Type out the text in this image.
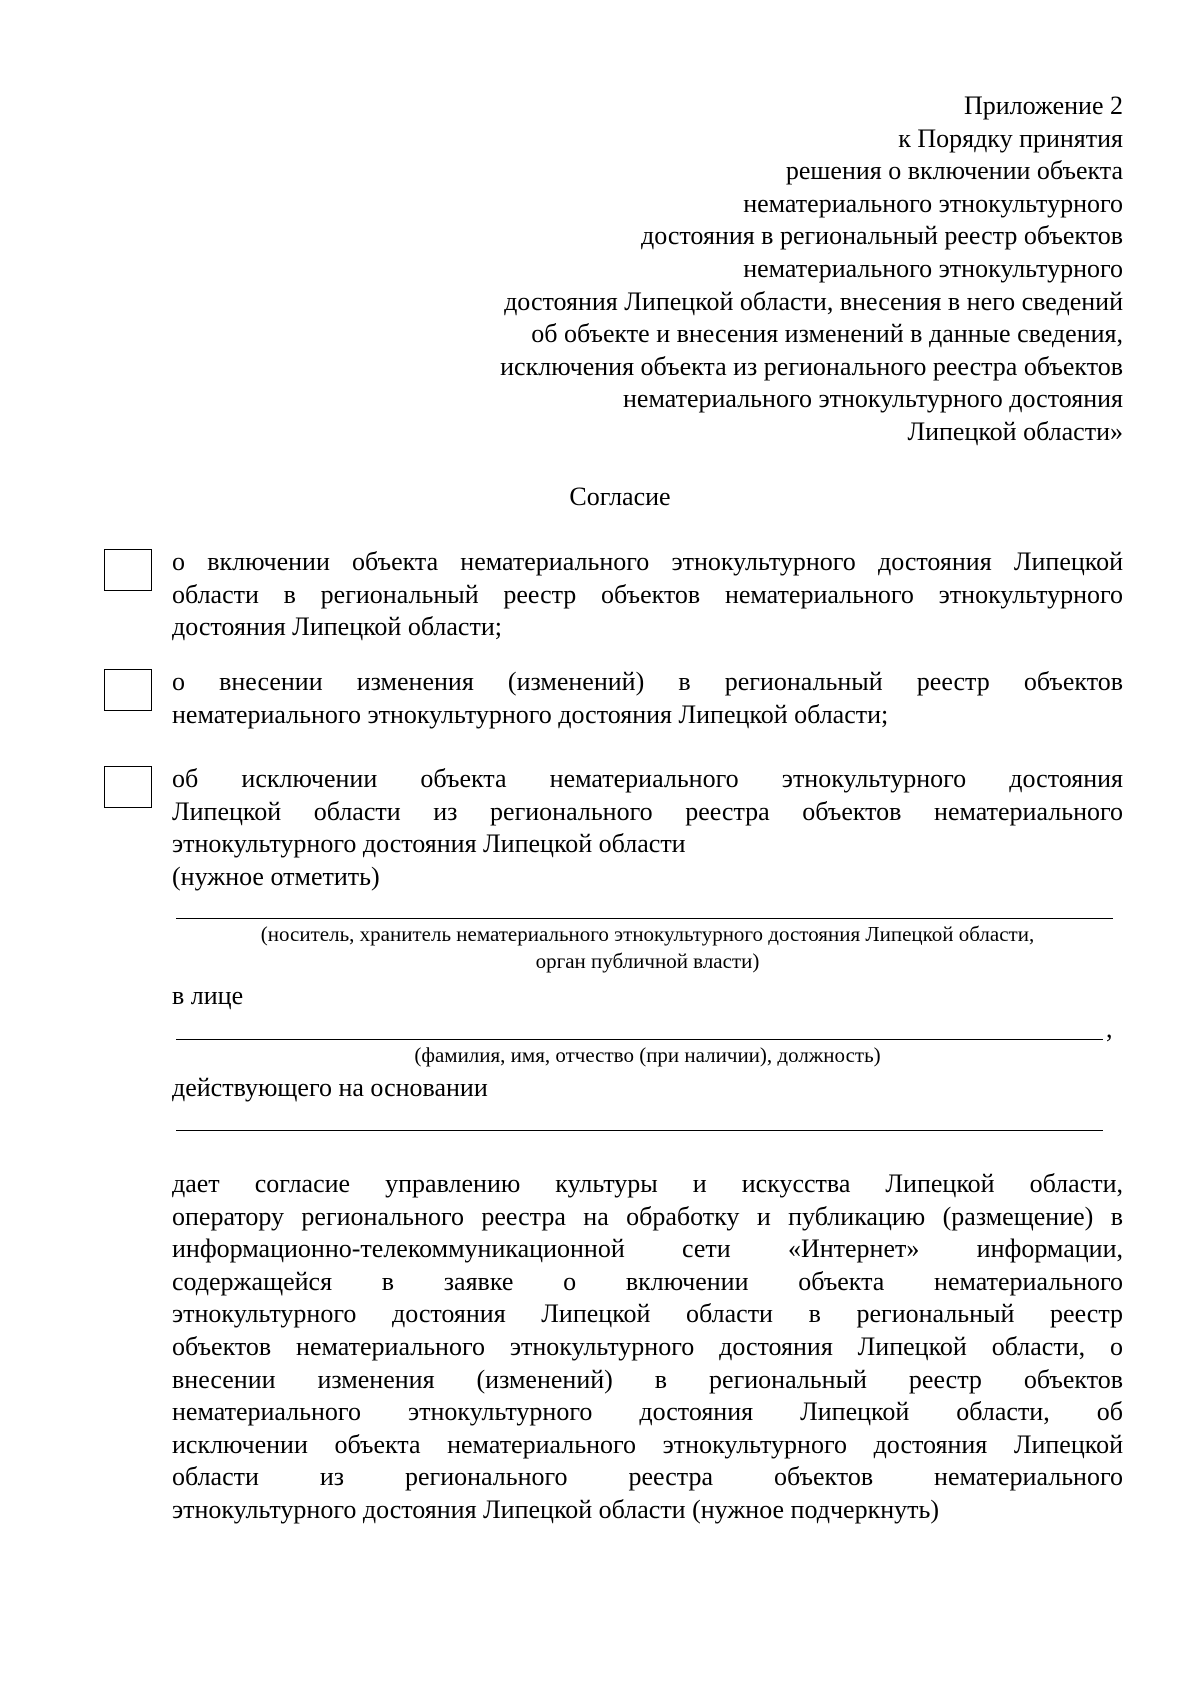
Приложение 2
к Порядку принятия
решения о включении объекта
нематериального этнокультурного
достояния в региональный реестр объектов
нематериального этнокультурного
достояния Липецкой области, внесения в него сведений
об объекте и внесения изменений в данные сведения,
исключения объекта из регионального реестра объектов
нематериального этнокультурного достояния
Липецкой области»
Согласие
о включении объекта нематериального этнокультурного достояния Липецкой
области в региональный реестр объектов нематериального этнокультурного
достояния Липецкой области;
о внесении изменения (изменений) в региональный реестр объектов
нематериального этнокультурного достояния Липецкой области;
об исключении объекта нематериального этнокультурного достояния
Липецкой области из регионального реестра объектов нематериального
этнокультурного достояния Липецкой области
(нужное отметить)
(носитель, хранитель нематериального этнокультурного достояния Липецкой области,
орган публичной власти)
в лице
,
(фамилия, имя, отчество (при наличии), должность)
действующего на основании
дает согласие управлению культуры и искусства Липецкой области,
оператору регионального реестра на обработку и публикацию (размещение) в
информационно-телекоммуникационной сети «Интернет» информации,
содержащейся в заявке о включении объекта нематериального
этнокультурного достояния Липецкой области в региональный реестр
объектов нематериального этнокультурного достояния Липецкой области, о
внесении изменения (изменений) в региональный реестр объектов
нематериального этнокультурного достояния Липецкой области, об
исключении объекта нематериального этнокультурного достояния Липецкой
области из регионального реестра объектов нематериального
этнокультурного достояния Липецкой области (нужное подчеркнуть)
